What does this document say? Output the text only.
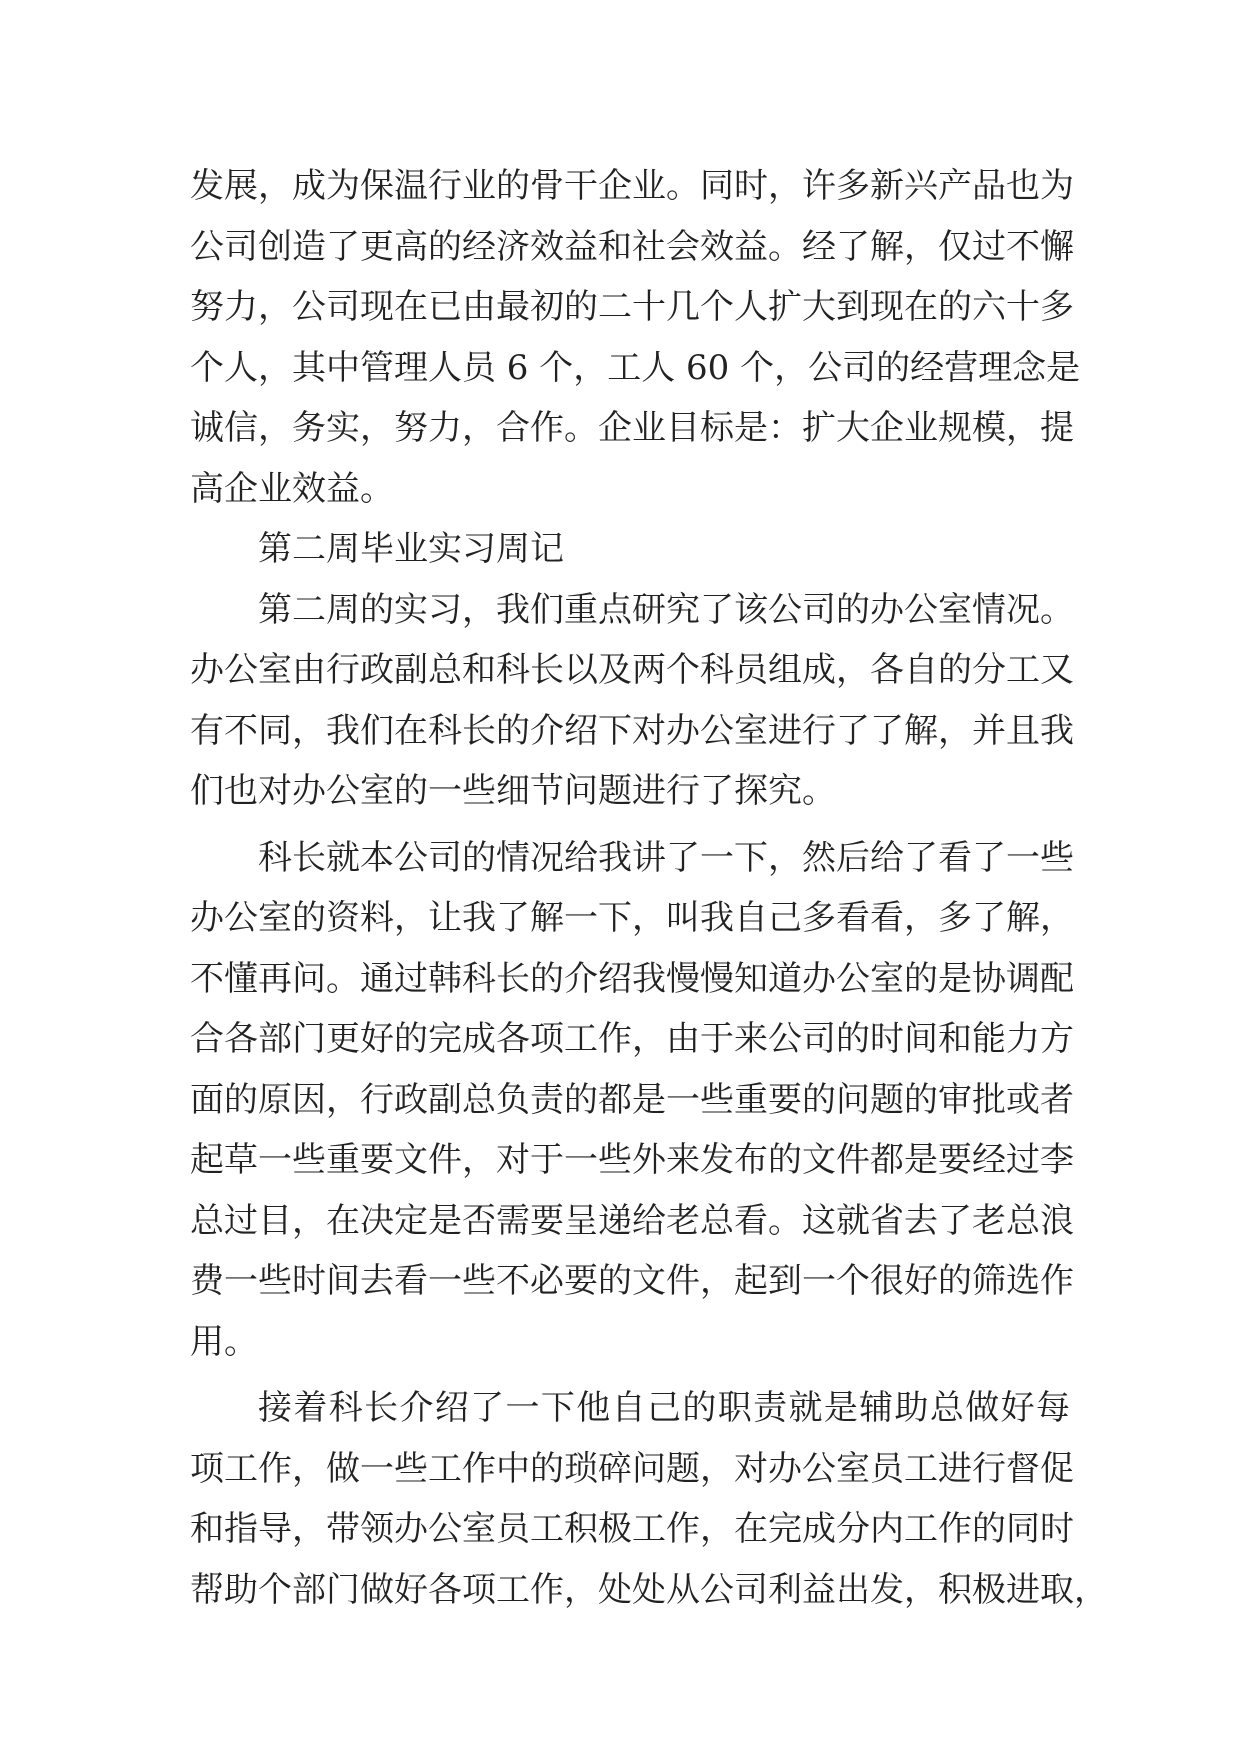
发展，成为保温行业的骨干企业。同时，许多新兴产品也为
公司创造了更高的经济效益和社会效益。经了解，仅过不懈
努力，公司现在已由最初的二十几个人扩大到现在的六十多
个人，其中管理人员 6 个，工人 60 个，公司的经营理念是
诚信，务实，努力，合作。企业目标是：扩大企业规模，提
高企业效益。
第二周毕业实习周记
第二周的实习，我们重点研究了该公司的办公室情况。
办公室由行政副总和科长以及两个科员组成，各自的分工又
有不同，我们在科长的介绍下对办公室进行了了解，并且我
们也对办公室的一些细节问题进行了探究。
科长就本公司的情况给我讲了一下，然后给了看了一些
办公室的资料，让我了解一下，叫我自己多看看，多了解，
不懂再问。通过韩科长的介绍我慢慢知道办公室的是协调配
合各部门更好的完成各项工作，由于来公司的时间和能力方
面的原因，行政副总负责的都是一些重要的问题的审批或者
起草一些重要文件，对于一些外来发布的文件都是要经过李
总过目，在决定是否需要呈递给老总看。这就省去了老总浪
费一些时间去看一些不必要的文件，起到一个很好的筛选作
用。
接着科长介绍了一下他自己的职责就是辅助总做好每
项工作，做一些工作中的琐碎问题，对办公室员工进行督促
和指导，带领办公室员工积极工作，在完成分内工作的同时
帮助个部门做好各项工作，处处从公司利益出发，积极进取，
